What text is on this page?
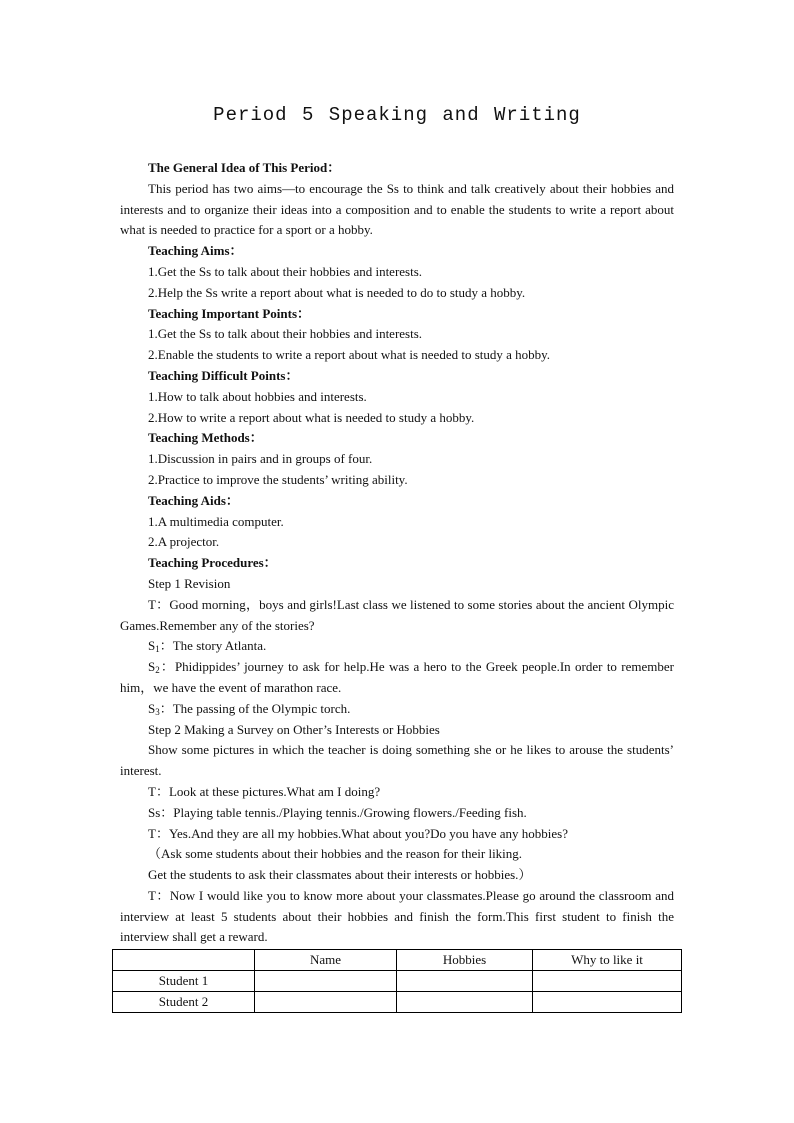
Period 5 Speaking and Writing

The General Idea of This Period：

This period has two aims—to encourage the Ss to think and talk creatively about their hobbies and interests and to organize their ideas into a composition and to enable the students to write a report about what is needed to practice for a sport or a hobby.

Teaching Aims：

1.Get the Ss to talk about their hobbies and interests.

2.Help the Ss write a report about what is needed to do to study a hobby.

Teaching Important Points：

1.Get the Ss to talk about their hobbies and interests.

2.Enable the students to write a report about what is needed to study a hobby.

Teaching Difficult Points：

1.How to talk about hobbies and interests.

2.How to write a report about what is needed to study a hobby.

Teaching Methods：

1.Discussion in pairs and in groups of four.

2.Practice to improve the students’ writing ability.

Teaching Aids：

1.A multimedia computer.

2.A projector.

Teaching Procedures：

Step 1 Revision

T：Good morning，boys and girls!Last class we listened to some stories about the ancient Olympic Games.Remember any of the stories?

$S_1$：The story Atlanta.

$S_2$：Phidippides’ journey to ask for help.He was a hero to the Greek people.In order to remember him，we have the event of marathon race.

$S_3$：The passing of the Olympic torch.

Step 2 Making a Survey on Other’s Interests or Hobbies

Show some pictures in which the teacher is doing something she or he likes to arouse the students’ interest.

T：Look at these pictures.What am I doing?

Ss：Playing table tennis./Playing tennis./Growing flowers./Feeding fish.

T：Yes.And they are all my hobbies.What about you?Do you have any hobbies?

（Ask some students about their hobbies and the reason for their liking.

Get the students to ask their classmates about their interests or hobbies.）

T：Now I would like you to know more about your classmates.Please go around the classroom and interview at least 5 students about their hobbies and finish the form.This first student to finish the interview shall get a reward.

	Name	Hobbies	Why to like it
Student 1			
Student 2			
